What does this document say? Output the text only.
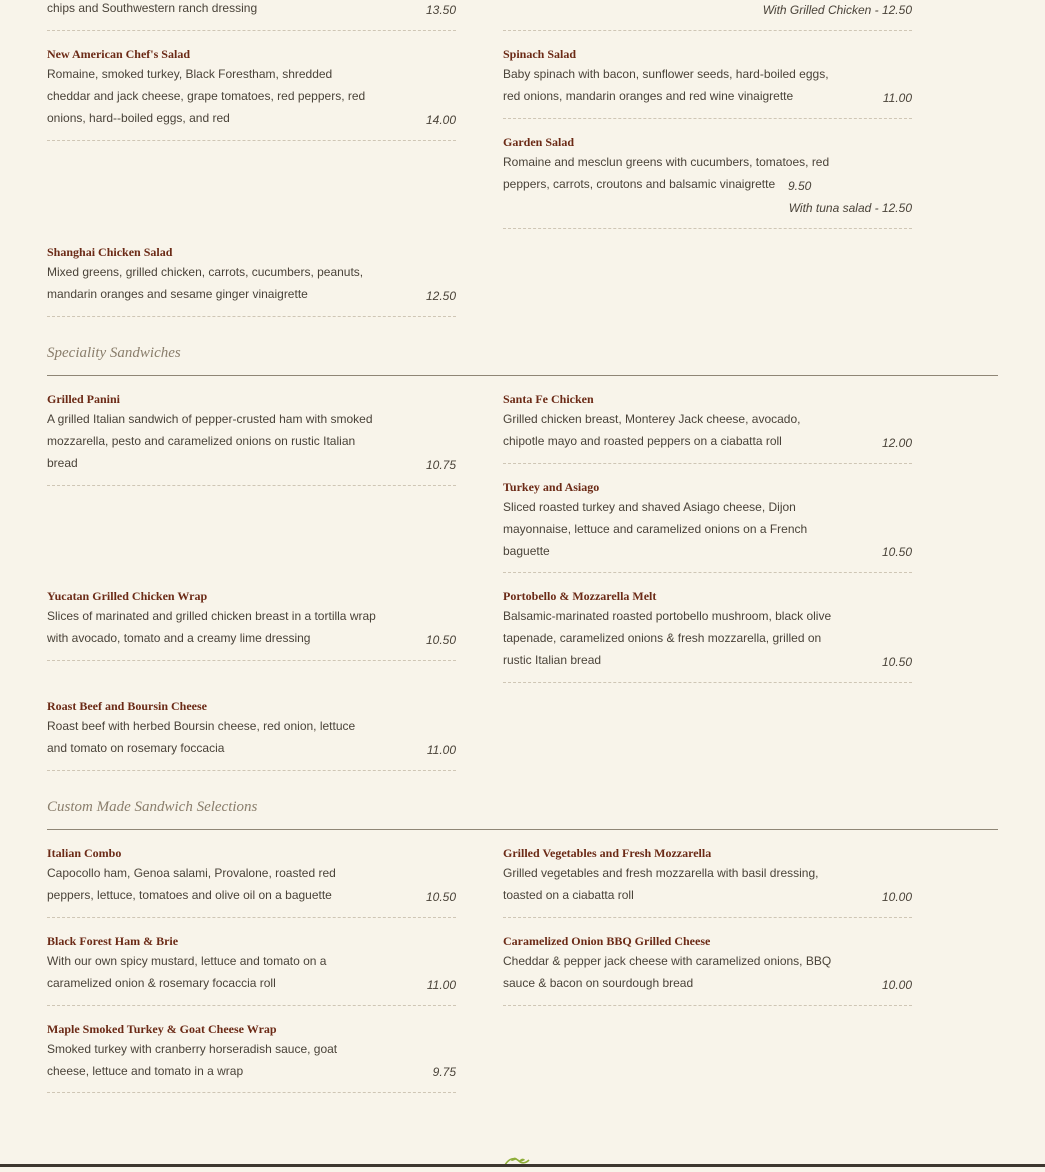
chips and Southwestern ranch dressing	13.50
New American Chef's Salad
Romaine, smoked turkey, Black Forestham, shredded cheddar and jack cheese, grape tomatoes, red peppers, red onions, hard--boiled eggs, and red	14.00
Shanghai Chicken Salad
Mixed greens, grilled chicken, carrots, cucumbers, peanuts, mandarin oranges and sesame ginger vinaigrette	12.50
With Grilled Chicken - 12.50
Spinach Salad
Baby spinach with bacon, sunflower seeds, hard-boiled eggs, red onions, mandarin oranges and red wine vinaigrette	11.00
Garden Salad
Romaine and mesclun greens with cucumbers, tomatoes, red peppers, carrots, croutons and balsamic vinaigrette	9.50
With tuna salad - 12.50
Speciality Sandwiches
Grilled Panini
A grilled Italian sandwich of pepper-crusted ham with smoked mozzarella, pesto and caramelized onions on rustic Italian bread	10.75
Yucatan Grilled Chicken Wrap
Slices of marinated and grilled chicken breast in a tortilla wrap with avocado, tomato and a creamy lime dressing	10.50
Roast Beef and Boursin Cheese
Roast beef with herbed Boursin cheese, red onion, lettuce and tomato on rosemary foccacia	11.00
Santa Fe Chicken
Grilled chicken breast, Monterey Jack cheese, avocado, chipotle mayo and roasted peppers on a ciabatta roll	12.00
Turkey and Asiago
Sliced roasted turkey and shaved Asiago cheese, Dijon mayonnaise, lettuce and caramelized onions on a French baguette	10.50
Portobello & Mozzarella Melt
Balsamic-marinated roasted portobello mushroom, black olive tapenade, caramelized onions & fresh mozzarella, grilled on rustic Italian bread	10.50
Custom Made Sandwich Selections
Italian Combo
Capocollo ham, Genoa salami, Provalone, roasted red peppers, lettuce, tomatoes and olive oil on a baguette	10.50
Black Forest Ham & Brie
With our own spicy mustard, lettuce and tomato on a caramelized onion & rosemary focaccia roll	11.00
Maple Smoked Turkey & Goat Cheese Wrap
Smoked turkey with cranberry horseradish sauce, goat cheese, lettuce and tomato in a wrap	9.75
Grilled Vegetables and Fresh Mozzarella
Grilled vegetables and fresh mozzarella with basil dressing, toasted on a ciabatta roll	10.00
Caramelized Onion BBQ Grilled Cheese
Cheddar & pepper jack cheese with caramelized onions, BBQ sauce & bacon on sourdough bread	10.00
